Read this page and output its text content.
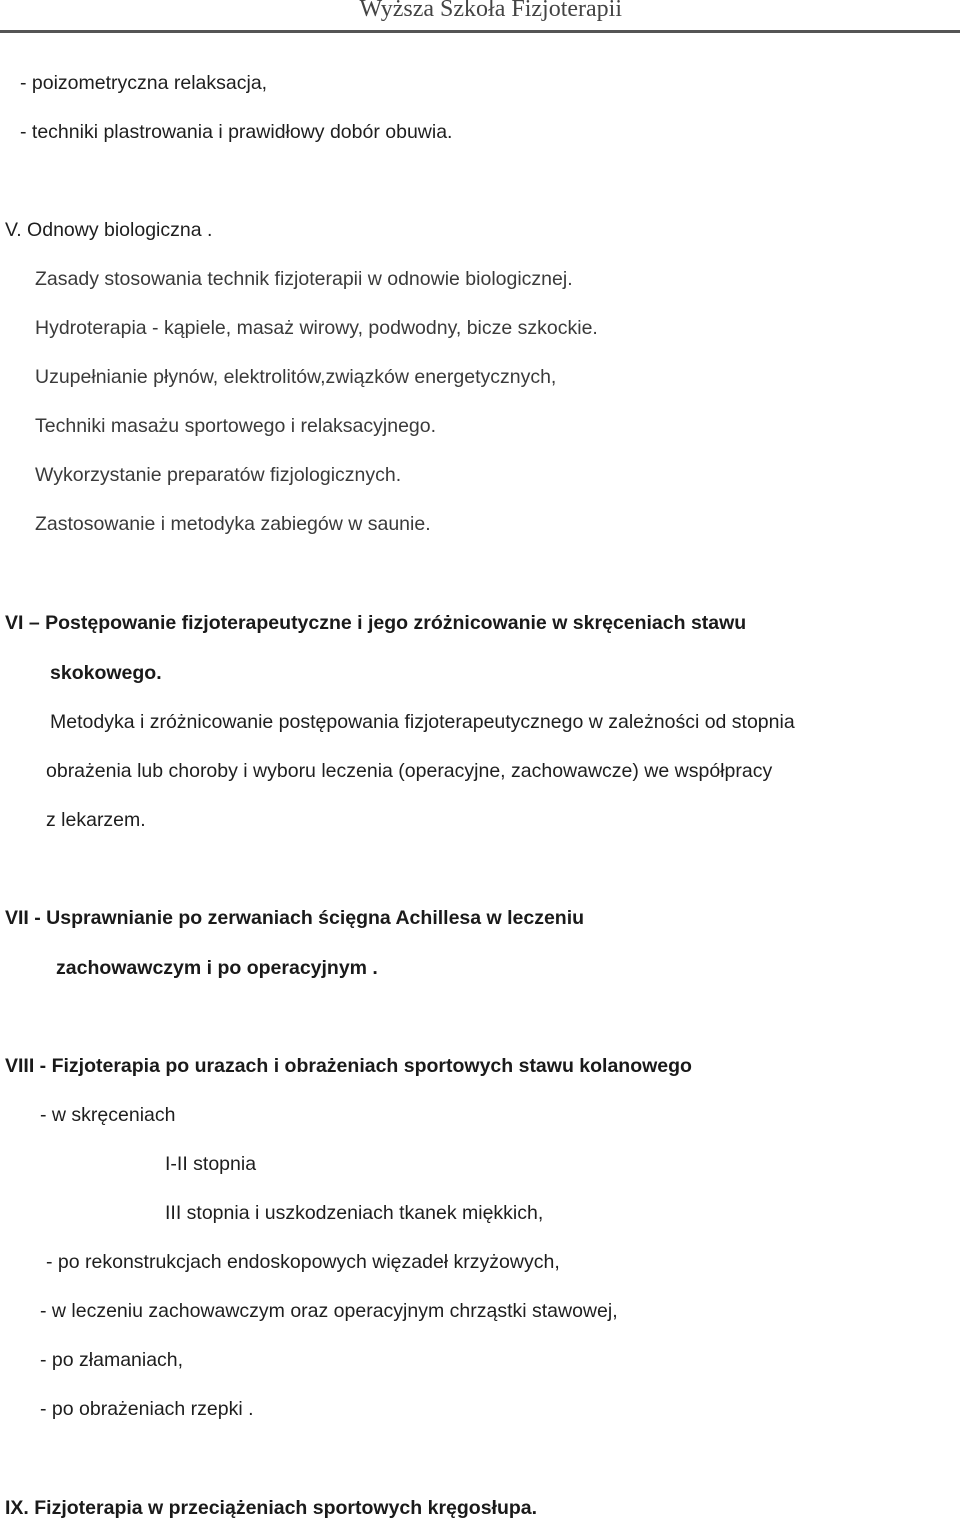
Wyższa Szkoła Fizjoterapii
- poizometryczna relaksacja,
- techniki plastrowania i prawidłowy dobór obuwia.
V. Odnowy biologiczna .
Zasady stosowania technik fizjoterapii w odnowie biologicznej.
Hydroterapia - kąpiele, masaż wirowy, podwodny, bicze szkockie.
Uzupełnianie płynów, elektrolitów,związków energetycznych,
Techniki masażu sportowego i relaksacyjnego.
Wykorzystanie preparatów fizjologicznych.
Zastosowanie i metodyka zabiegów w saunie.
VI – Postępowanie fizjoterapeutyczne i jego zróżnicowanie w skręceniach stawu
skokowego.
Metodyka i zróżnicowanie postępowania fizjoterapeutycznego w zależności od stopnia
obrażenia lub choroby i wyboru leczenia (operacyjne, zachowawcze) we współpracy
z lekarzem.
VII - Usprawnianie po zerwaniach ścięgna Achillesa w leczeniu
zachowawczym i po operacyjnym .
VIII - Fizjoterapia po urazach i obrażeniach sportowych stawu kolanowego
- w skręceniach
I-II stopnia
III stopnia i uszkodzeniach tkanek miękkich,
- po rekonstrukcjach endoskopowych więzadeł krzyżowych,
- w leczeniu zachowawczym oraz operacyjnym chrząstki stawowej,
- po złamaniach,
- po obrażeniach rzepki .
IX. Fizjoterapia w przeciążeniach sportowych kręgosłupa.
